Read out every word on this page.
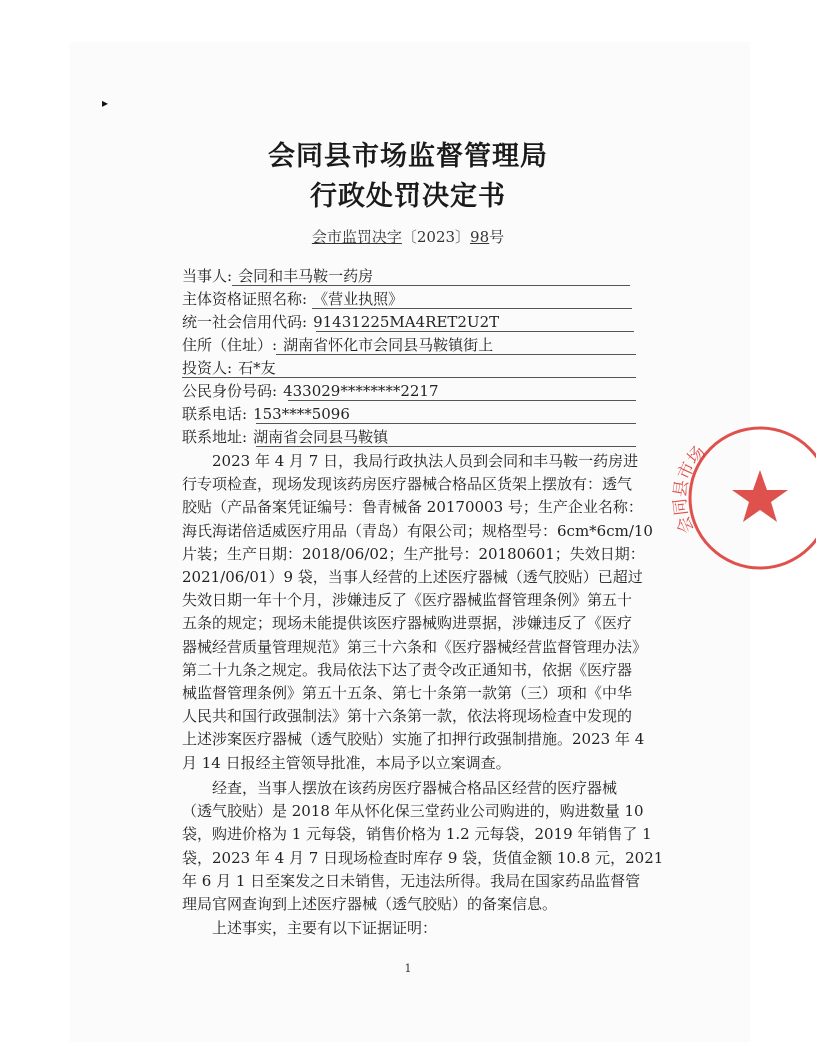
▸
会同县市场监督管理局
行政处罚决定书
会市监罚决字〔2023〕98号
当事人: 会同和丰马鞍一药房
主体资格证照名称: 《营业执照》
统一社会信用代码: 91431225MA4RET2U2T
住所（住址）: 湖南省怀化市会同县马鞍镇街上
投资人: 石*友
公民身份号码: 433029********2217
联系电话: 153****5096
联系地址: 湖南省会同县马鞍镇
　　2023 年 4 月 7 日，我局行政执法人员到会同和丰马鞍一药房进
行专项检查，现场发现该药房医疗器械合格品区货架上摆放有：透气
胶贴（产品备案凭证编号：鲁青械备 20170003 号；生产企业名称：
海氏海诺倍适威医疗用品（青岛）有限公司；规格型号：6cm*6cm/10
片装；生产日期：2018/06/02；生产批号：20180601；失效日期：
2021/06/01）9 袋，当事人经营的上述医疗器械（透气胶贴）已超过
失效日期一年十个月，涉嫌违反了《医疗器械监督管理条例》第五十
五条的规定；现场未能提供该医疗器械购进票据，涉嫌违反了《医疗
器械经营质量管理规范》第三十六条和《医疗器械经营监督管理办法》
第二十九条之规定。我局依法下达了责令改正通知书，依据《医疗器
械监督管理条例》第五十五条、第七十条第一款第（三）项和《中华
人民共和国行政强制法》第十六条第一款，依法将现场检查中发现的
上述涉案医疗器械（透气胶贴）实施了扣押行政强制措施。2023 年 4
月 14 日报经主管领导批准，本局予以立案调查。
　　经查，当事人摆放在该药房医疗器械合格品区经营的医疗器械
（透气胶贴）是 2018 年从怀化保三堂药业公司购进的，购进数量 10
袋，购进价格为 1 元每袋，销售价格为 1.2 元每袋，2019 年销售了 1
袋，2023 年 4 月 7 日现场检查时库存 9 袋，货值金额 10.8 元，2021
年 6 月 1 日至案发之日未销售，无违法所得。我局在国家药品监督管
理局官网查询到上述医疗器械（透气胶贴）的备案信息。
　　上述事实，主要有以下证据证明：
1
会同县市场
